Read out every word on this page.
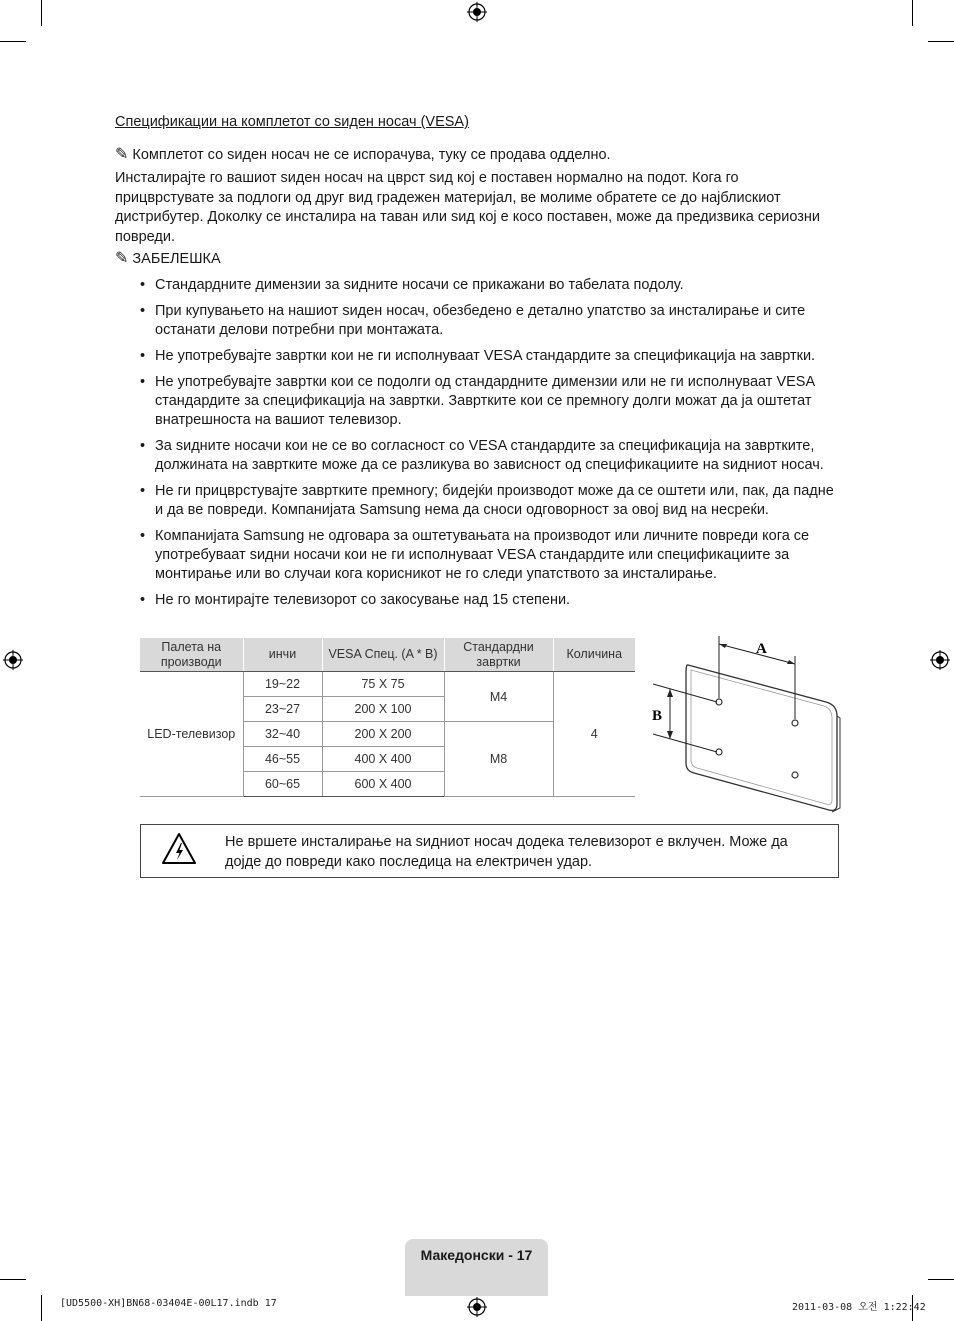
Спецификации на комплетот со ѕиден носач (VESA)
✎ Комплетот со ѕиден носач не се испорачува, туку се продава одделно.
Инсталирајте го вашиот ѕиден носач на цврст ѕид кој е поставен нормално на подот. Кога го прицврстувате за подлоги од друг вид градежен материјал, ве молиме обратете се до најблискиот дистрибутер. Доколку се инсталира на таван или ѕид кој е косо поставен, може да предизвика сериозни повреди.
✎ ЗАБЕЛЕШКА
• Стандардните димензии за ѕидните носачи се прикажани во табелата подолу.
• При купувањето на нашиот ѕиден носач, обезбедено е детално упатство за инсталирање и сите останати делови потребни при монтажата.
• Не употребувајте завртки кои не ги исполнуваат VESA стандардите за спецификација на завртки.
• Не употребувајте завртки кои се подолги од стандардните димензии или не ги исполнуваат VESA стандардите за спецификација на завртки. Завртките кои се премногу долги можат да ја оштетат внатрешноста на вашиот телевизор.
• За ѕидните носачи кои не се во согласност со VESA стандардите за спецификација на завртките, должината на завртките може да се разликува во зависност од спецификациите на ѕидниот носач.
• Не ги прицврстувајте завртките премногу; бидејќи производот може да се оштети или, пак, да падне и да ве повреди. Компанијата Samsung нема да сноси одговорност за овој вид на несреќи.
• Компанијата Samsung не одговара за оштетувањата на производот или личните повреди кога се употребуваат ѕидни носачи кои не ги исполнуваат VESA стандардите или спецификациите за монтирање или во случаи кога корисникот не го следи упатството за инсталирање.
• Не го монтирајте телевизорот со закосување над 15 степени.
Палета на производи	инчи	VESA Спец. (A * B)	Стандардни завртки	Количина
LED-телевизор	19~22	75 X 75	M4	4
	23~27	200 X 100		
	32~40	200 X 200	M8	
	46~55	400 X 400		
	60~65	600 X 400		
A
B
Не вршете инсталирање на ѕидниот носач додека телевизорот е вклучен. Може да дојде до повреди како последица на електричен удар.
Македонски - 17
[UD5500-XH]BN68-03404E-00L17.indb 17	2011-03-08 오전 1:22:42
